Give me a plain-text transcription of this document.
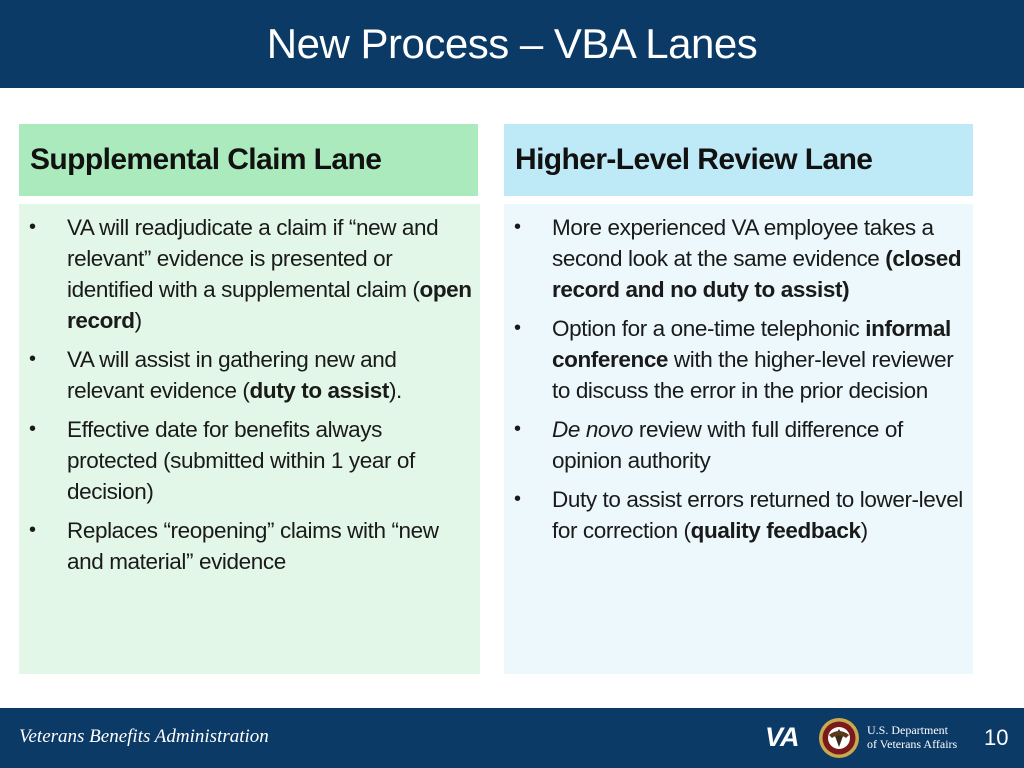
New Process – VBA Lanes
Supplemental Claim Lane
• VA will readjudicate a claim if “new and relevant” evidence is presented or identified with a supplemental claim (open record)
• VA will assist in gathering new and relevant evidence (duty to assist).
• Effective date for benefits always protected (submitted within 1 year of decision)
• Replaces “reopening” claims with “new and material” evidence
Higher-Level Review Lane
• More experienced VA employee takes a second look at the same evidence (closed record and no duty to assist)
• Option for a one-time telephonic informal conference with the higher-level reviewer to discuss the error in the prior decision
• De novo review with full difference of opinion authority
• Duty to assist errors returned to lower-level for correction (quality feedback)
Veterans Benefits Administration	VA	U.S. Department
of Veterans Affairs 10
